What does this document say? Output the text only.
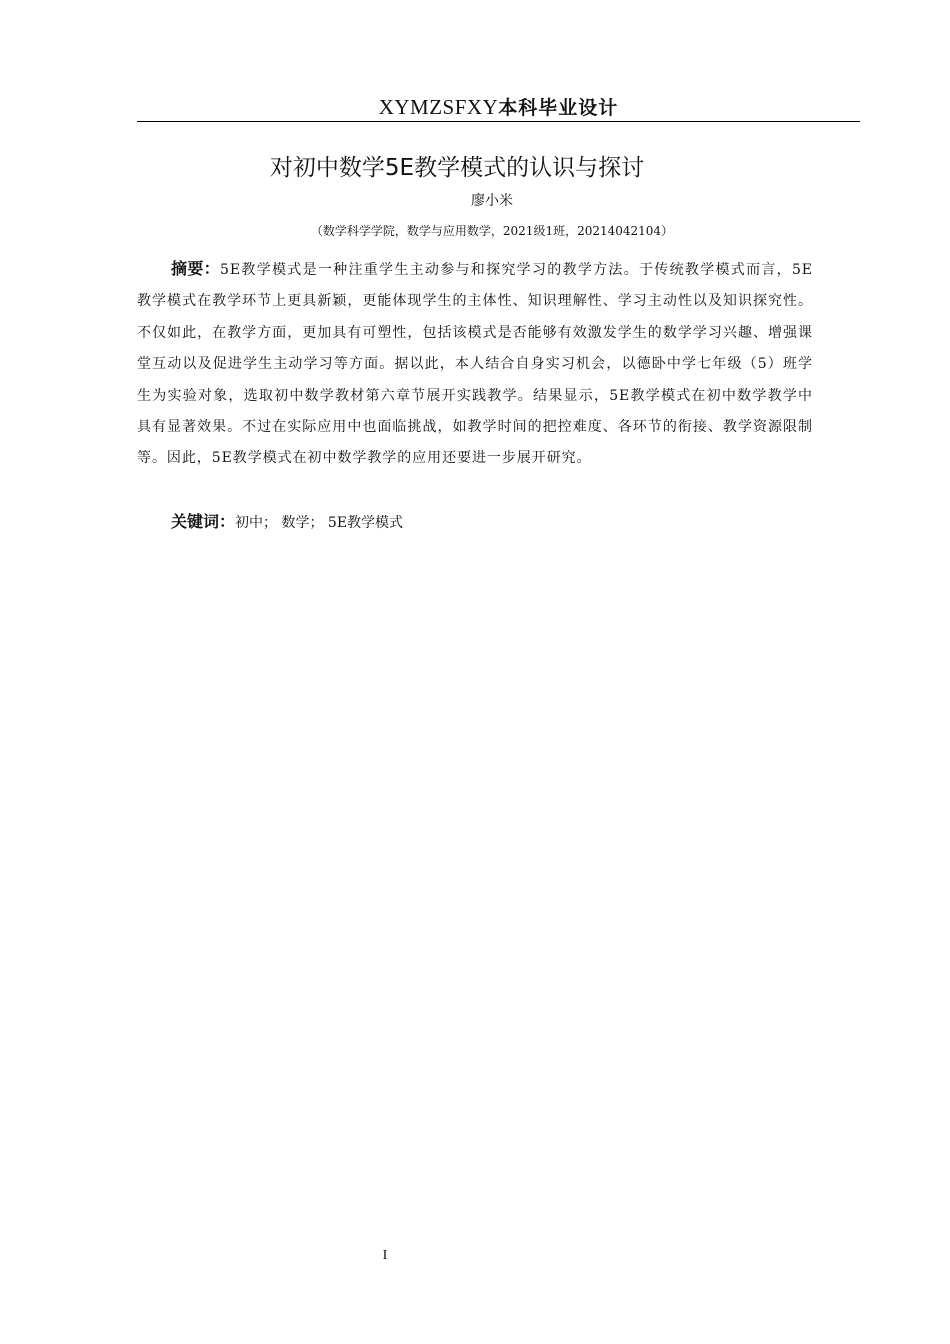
XYMZSFXY本科毕业设计
对初中数学5E教学模式的认识与探讨
廖小米
（数学科学学院，数学与应用数学，2021级1班，20214042104）

摘要：5E教学模式是一种注重学生主动参与和探究学习的教学方法。于传统教学模式而言，5E教学模式在教学环节上更具新颖，更能体现学生的主体性、知识理解性、学习主动性以及知识探究性。不仅如此，在教学方面，更加具有可塑性，包括该模式是否能够有效激发学生的数学学习兴趣、增强课堂互动以及促进学生主动学习等方面。据以此，本人结合自身实习机会，以德卧中学七年级（5）班学生为实验对象，选取初中数学教材第六章节展开实践教学。结果显示，5E教学模式在初中数学教学中具有显著效果。不过在实际应用中也面临挑战，如教学时间的把控难度、各环节的衔接、教学资源限制等。因此，5E教学模式在初中数学教学的应用还要进一步展开研究。

关键词：初中； 数学； 5E教学模式
I
